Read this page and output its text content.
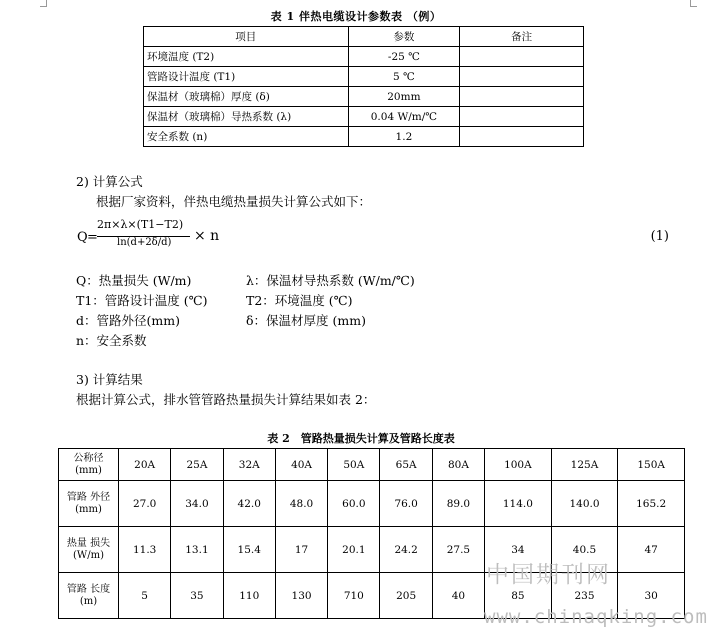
表 1 伴热电缆设计参数表 （例）
项目	参数	备注
环境温度 (T2)	-25 ℃	
管路设计温度 (T1)	5 ℃	
保温材（玻璃棉）厚度 (δ)	20mm	
保温材（玻璃棉）导热系数 (λ)	0.04 W/m/℃	
安全系数 (n)	1.2	
2) 计算公式
根据厂家资料，伴热电缆热量损失计算公式如下：
Q =
2π×λ×(T1−T2)
ln(d+2δ/d) × n	(1)
Q：热量损失 (W/m)	λ：保温材导热系数 (W/m/℃)
T1：管路设计温度 (℃)	T2：环境温度 (℃)
d：管路外径(mm)	δ：保温材厚度 (mm)
n：安全系数
3) 计算结果
根据计算公式，排水管管路热量损失计算结果如表 2：
表 2　管路热量损失计算及管路长度表
公称径 (mm)	20A	25A	32A	40A	50A	65A	80A	100A	125A	150A
管路 外径 (mm)	27.0	34.0	42.0	48.0	60.0	76.0	89.0	114.0	140.0	165.2
热量 损失 (W/m)	11.3	13.1	15.4	17	20.1	24.2	27.5	34	40.5	47
管路 长度 (m)	5	35	110	130	710	205	40	85	235	30
中国期刊网
www.chinaqking.com
